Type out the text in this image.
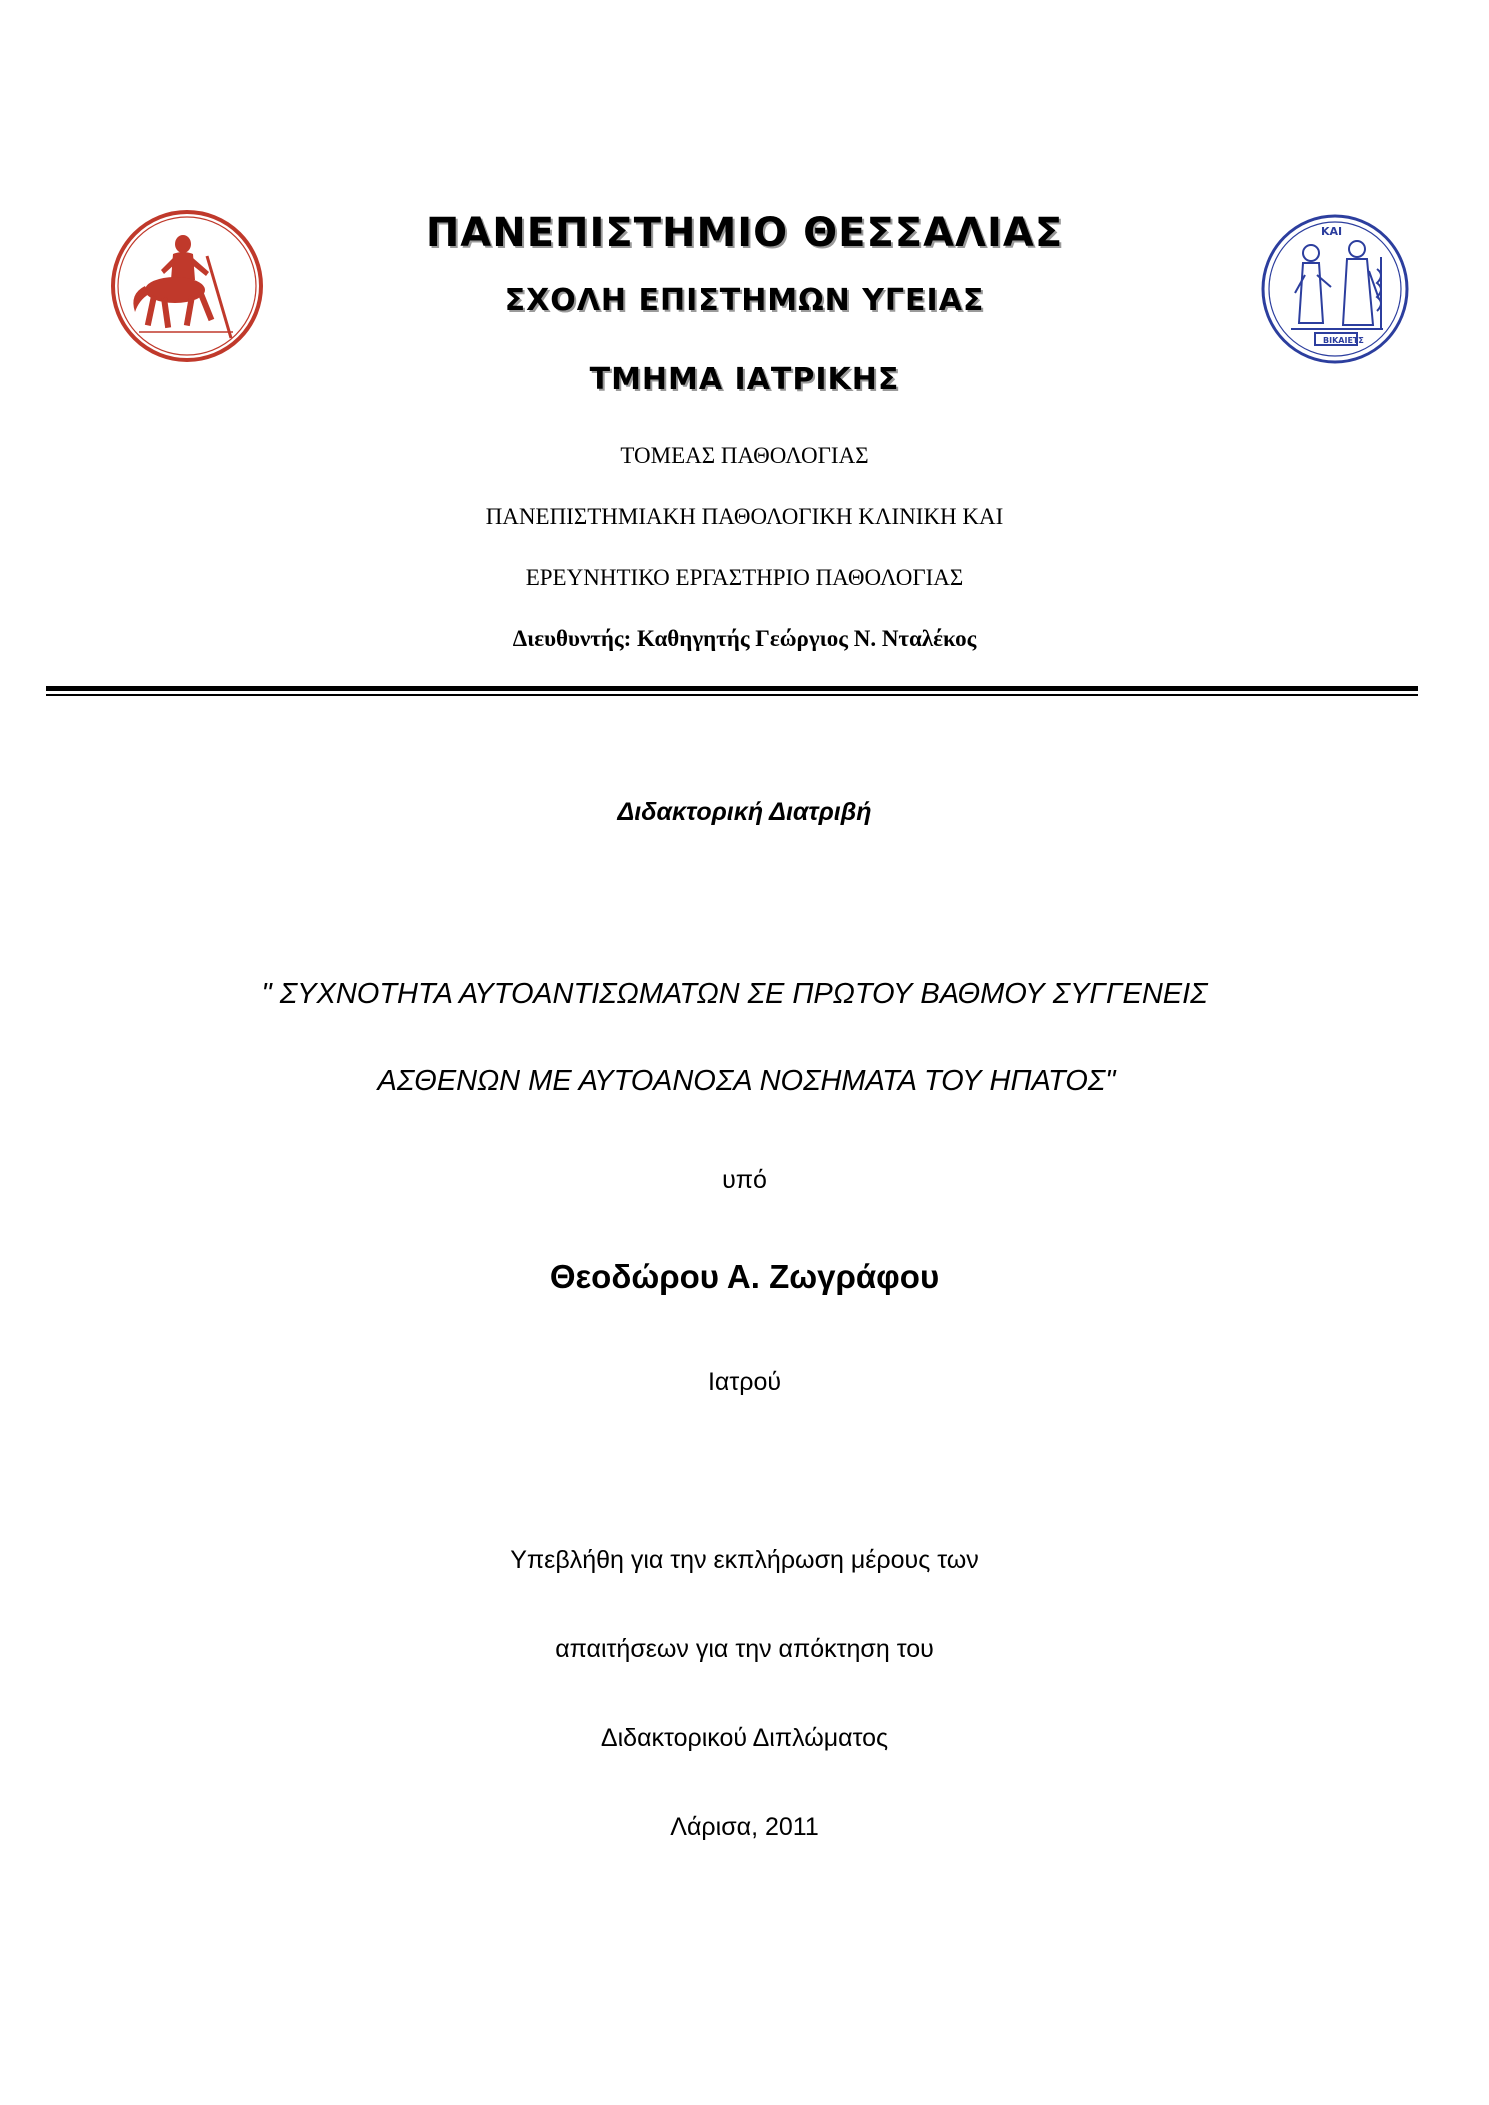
ΚΑΙ
ΒΙΚΑΙΕΤΣ
ΠΑΝΕΠΙΣΤΗΜΙΟ ΘΕΣΣΑΛΙΑΣ
ΣΧΟΛΗ ΕΠΙΣΤΗΜΩΝ ΥΓΕΙΑΣ
ΤΜΗΜΑ ΙΑΤΡΙΚΗΣ
ΤΟΜΕΑΣ ΠΑΘΟΛΟΓΙΑΣ
ΠΑΝΕΠΙΣΤΗΜΙΑΚΗ ΠΑΘΟΛΟΓΙΚΗ ΚΛΙΝΙΚΗ ΚΑΙ
ΕΡΕΥΝΗΤΙΚΟ ΕΡΓΑΣΤΗΡΙΟ ΠΑΘΟΛΟΓΙΑΣ
Διευθυντής: Καθηγητής Γεώργιος Ν. Νταλέκος
Διδακτορική Διατριβή
" ΣΥΧΝΟΤΗΤΑ ΑΥΤΟΑΝΤΙΣΩΜΑΤΩΝ ΣΕ ΠΡΩΤΟΥ ΒΑΘΜΟΥ ΣΥΓΓΕΝΕΙΣ
ΑΣΘΕΝΩΝ ΜΕ ΑΥΤΟΑΝΟΣΑ ΝΟΣΗΜΑΤΑ ΤΟΥ ΗΠΑΤΟΣ"
υπό
Θεοδώρου Α. Ζωγράφου
Ιατρού
Υπεβλήθη για την εκπλήρωση μέρους των
απαιτήσεων για την απόκτηση του
Διδακτορικού Διπλώματος
Λάρισα, 2011
